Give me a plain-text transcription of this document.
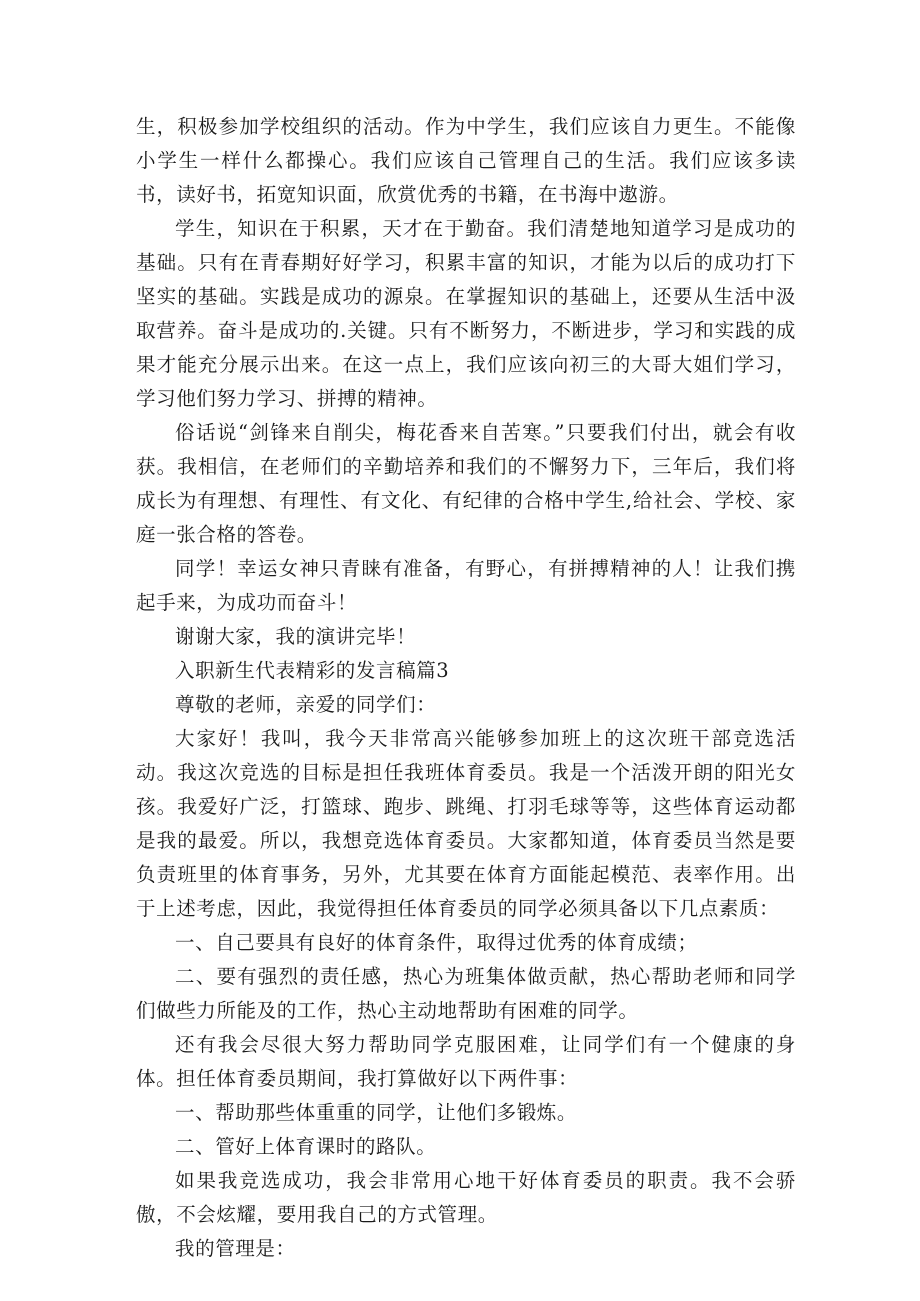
生，积极参加学校组织的活动。作为中学生，我们应该自力更生。不能像小学生一样什么都操心。我们应该自己管理自己的生活。我们应该多读书，读好书，拓宽知识面，欣赏优秀的书籍，在书海中遨游。

学生，知识在于积累，天才在于勤奋。我们清楚地知道学习是成功的基础。只有在青春期好好学习，积累丰富的知识，才能为以后的成功打下坚实的基础。实践是成功的源泉。在掌握知识的基础上，还要从生活中汲取营养。奋斗是成功的.关键。只有不断努力，不断进步，学习和实践的成果才能充分展示出来。在这一点上，我们应该向初三的大哥大姐们学习，学习他们努力学习、拼搏的精神。

俗话说“剑锋来自削尖，梅花香来自苦寒。”只要我们付出，就会有收获。我相信，在老师们的辛勤培养和我们的不懈努力下，三年后，我们将成长为有理想、有理性、有文化、有纪律的合格中学生,给社会、学校、家庭一张合格的答卷。

同学！幸运女神只青睐有准备，有野心，有拼搏精神的人！让我们携起手来，为成功而奋斗！

谢谢大家，我的演讲完毕！

入职新生代表精彩的发言稿篇3

尊敬的老师，亲爱的同学们：

大家好！我叫，我今天非常高兴能够参加班上的这次班干部竞选活动。我这次竞选的目标是担任我班体育委员。我是一个活泼开朗的阳光女孩。我爱好广泛，打篮球、跑步、跳绳、打羽毛球等等，这些体育运动都是我的最爱。所以，我想竞选体育委员。大家都知道，体育委员当然是要负责班里的体育事务，另外，尤其要在体育方面能起模范、表率作用。出于上述考虑，因此，我觉得担任体育委员的同学必须具备以下几点素质：

一、自己要具有良好的体育条件，取得过优秀的体育成绩；

二、要有强烈的责任感，热心为班集体做贡献，热心帮助老师和同学们做些力所能及的工作，热心主动地帮助有困难的同学。

还有我会尽很大努力帮助同学克服困难，让同学们有一个健康的身体。担任体育委员期间，我打算做好以下两件事：

一、帮助那些体重重的同学，让他们多锻炼。

二、管好上体育课时的路队。

如果我竞选成功，我会非常用心地干好体育委员的职责。我不会骄傲，不会炫耀，要用我自己的方式管理。

我的管理是：
